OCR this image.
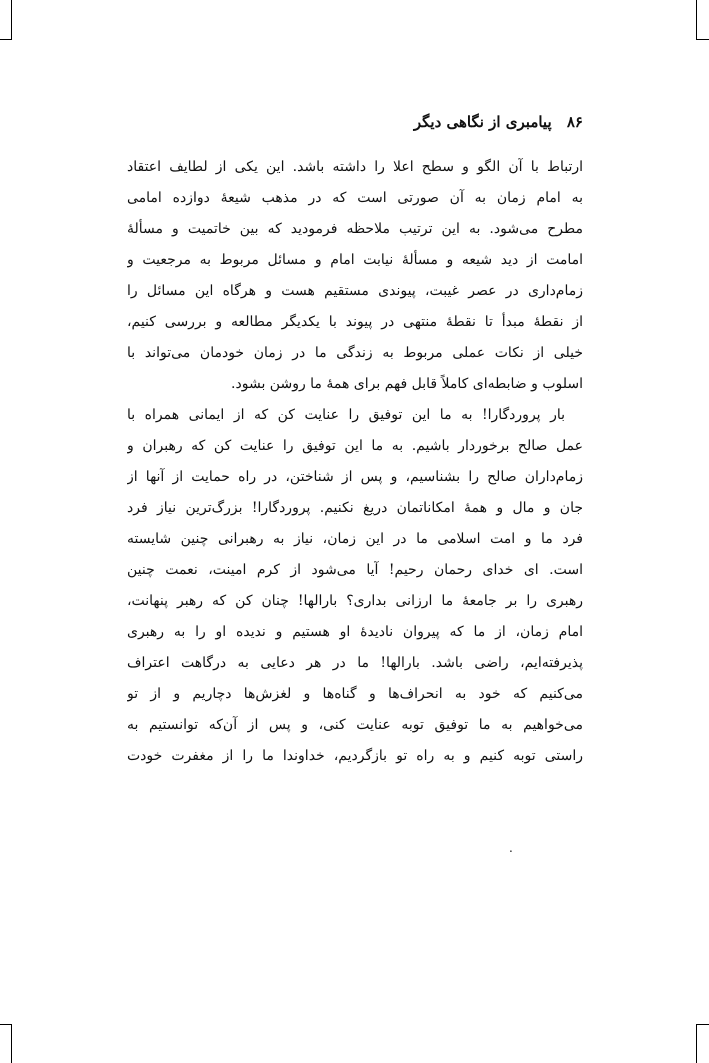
۸۶ پیامبری از نگاهی دیگر
ارتباط با آن الگو و سطح اعلا را داشته باشد. این یکی از لطایف اعتقاد
به امام زمان به آن صورتی است که در مذهب شیعهٔ دوازده امامی
مطرح می‌شود. به این ترتیب ملاحظه فرمودید که بین خاتمیت و مسألهٔ
امامت از دید شیعه و مسألهٔ نیابت امام و مسائل مربوط به مرجعیت و
زمام‌داری در عصر غیبت، پیوندی مستقیم هست و هرگاه این مسائل را
از نقطهٔ مبدأ تا نقطهٔ منتهی در پیوند با یکدیگر مطالعه و بررسی کنیم،
خیلی از نکات عملی مربوط به زندگی ما در زمان خودمان می‌تواند با
اسلوب و ضابطه‌ای کاملاً قابل فهم برای همهٔ ما روشن بشود.
بار پروردگارا! به ما این توفیق را عنایت کن که از ایمانی همراه با
عمل صالح برخوردار باشیم. به ما این توفیق را عنایت کن که رهبران و
زمام‌داران صالح را بشناسیم، و پس از شناختن، در راه حمایت از آنها از
جان و مال و همهٔ امکاناتمان دریغ نکنیم. پروردگارا! بزرگ‌ترین نیاز فرد
فرد ما و امت اسلامی ما در این زمان، نیاز به رهبرانی چنین شایسته
است. ای خدای رحمان رحیم! آیا می‌شود از کرم امینت، نعمت چنین
رهبری را بر جامعهٔ ما ارزانی بداری؟ بارالها! چنان کن که رهبر پنهانت،
امام زمان، از ما که پیروان نادیدهٔ او هستیم و ندیده او را به رهبری
پذیرفته‌ایم، راضی باشد. بارالها! ما در هر دعایی به درگاهت اعتراف
می‌کنیم که خود به انحراف‌ها و گناه‌ها و لغزش‌ها دچاریم و از تو
می‌خواهیم به ما توفیق توبه عنایت کنی، و پس از آن‌که توانستیم به
راستی توبه کنیم و به راه تو بازگردیم، خداوندا ما را از مغفرت خودت
.
